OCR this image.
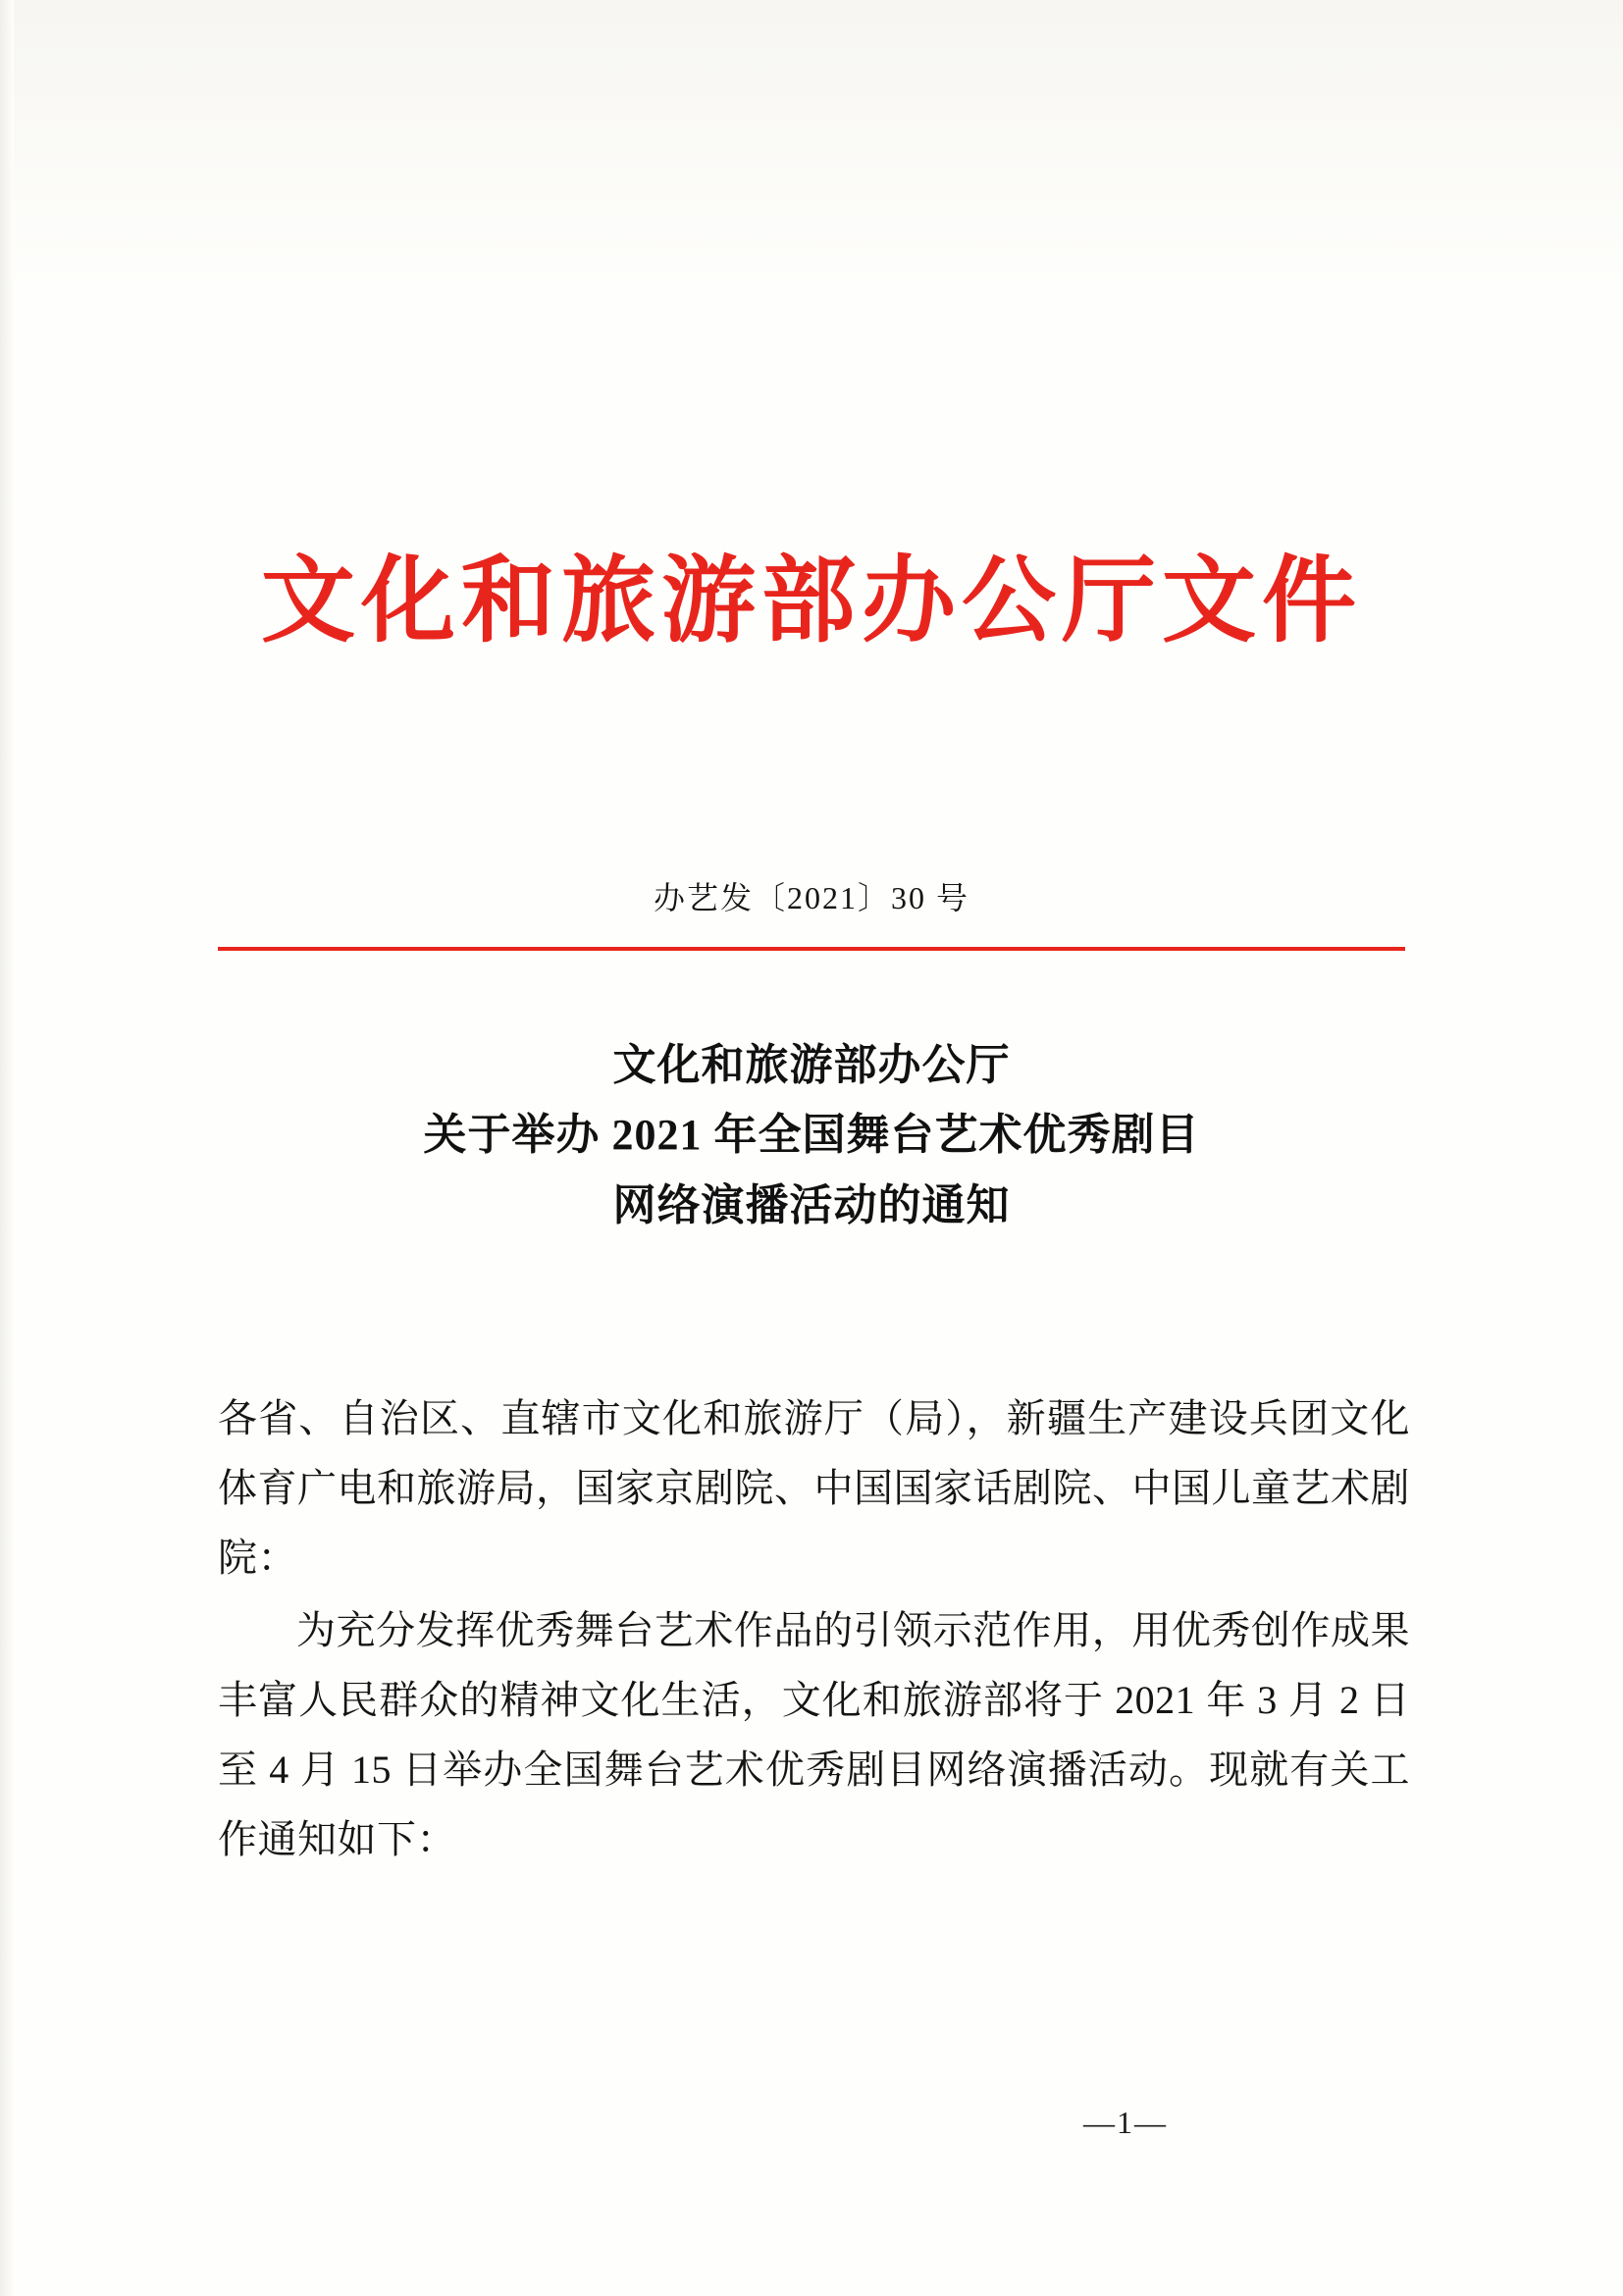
文化和旅游部办公厅文件
办艺发〔2021〕30 号
文化和旅游部办公厅
关于举办 2021 年全国舞台艺术优秀剧目
网络演播活动的通知

各省、自治区、直辖市文化和旅游厅（局），新疆生产建设兵团文化体育广电和旅游局，国家京剧院、中国国家话剧院、中国儿童艺术剧院：

为充分发挥优秀舞台艺术作品的引领示范作用，用优秀创作成果丰富人民群众的精神文化生活，文化和旅游部将于 2021 年 3 月 2 日至 4 月 15 日举办全国舞台艺术优秀剧目网络演播活动。现就有关工作通知如下：

—1—
